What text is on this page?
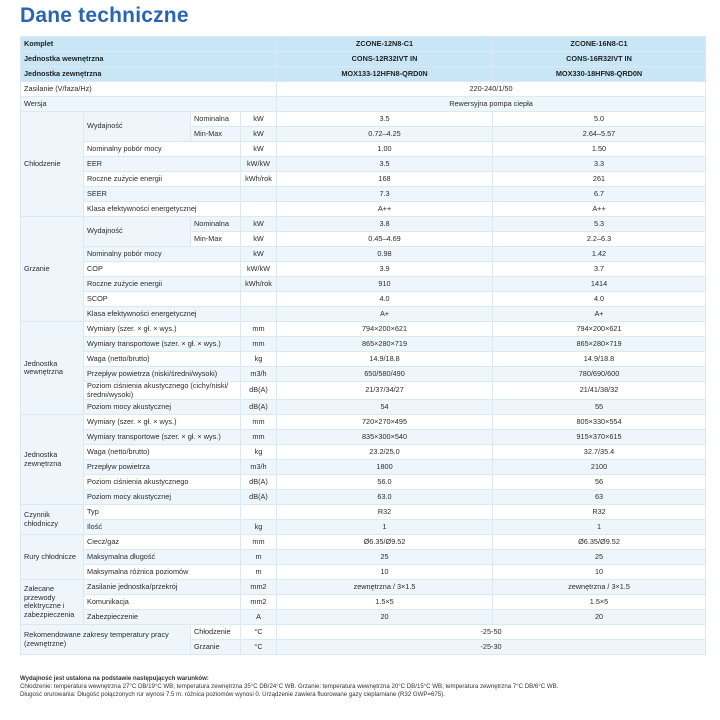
Dane techniczne
Komplet				ZCONE-12N8-C1	ZCONE-16N8-C1
Jednostka wewnętrzna				CONS-12R32IVT IN	CONS-16R32IVT IN
Jednostka zewnętrzna				MOX133-12HFN8-QRD0N	MOX330-18HFN8-QRD0N
Zasilanie (V/faza/Hz)				220-240/1/50	
Wersja				Rewersyjna pompa ciepła	
Chłodzenie	Wydajność	Nominalna	kW	3.5	5.0
		Min-Max	kW	0.72–4.25	2.64–5.57
	Nominalny pobór mocy		kW	1.00	1.50
	EER		kW/kW	3.5	3.3
	Roczne zużycie energii		kWh/rok	168	261
	SEER			7.3	6.7
	Klasa efektywności energetycznej			A++	A++
Grzanie	Wydajność	Nominalna	kW	3.8	5.3
		Min-Max	kW	0.45–4.69	2.2–6.3
	Nominalny pobór mocy		kW	0.98	1.42
	COP		kW/kW	3.9	3.7
	Roczne zużycie energii		kWh/rok	910	1414
	SCOP			4.0	4.0
	Klasa efektywności energetycznej			A+	A+
Jednostka wewnętrzna	Wymiary (szer. × gł. × wys.)		mm	794×200×621	794×200×621
	Wymiary transportowe (szer. × gł. × wys.)		mm	865×280×719	865×280×719
	Waga (netto/brutto)		kg	14.9/18.8	14.9/18.8
	Przepływ powietrza (niski/średni/wysoki)		m3/h	650/580/490	780/690/600
	Poziom ciśnienia akustycznego (cichy/niski/średni/wysoki)		dB(A)	21/37/34/27	21/41/38/32
	Poziom mocy akustycznej		dB(A)	54	55
Jednostka zewnętrzna	Wymiary (szer. × gł. × wys.)		mm	720×270×495	805×330×554
	Wymiary transportowe (szer. × gł. × wys.)		mm	835×300×540	915×370×615
	Waga (netto/brutto)		kg	23.2/25.0	32.7/35.4
	Przepływ powietrza		m3/h	1800	2100
	Poziom ciśnienia akustycznego		dB(A)	56.0	56
	Poziom mocy akustycznej		dB(A)	63.0	63
Czynnik chłodniczy	Typ			R32	R32
	Ilość		kg	1	1
Rury chłodnicze	Ciecz/gaz		mm	Ø6.35/Ø9.52	Ø6.35/Ø9.52
	Maksymalna długość		m	25	25
	Maksymalna różnica poziomów		m	10	10
Zalecane przewody elektryczne i zabezpieczenia	Zasilanie jednostka/przekrój		mm2	zewnętrzna / 3×1.5	zewnętrzna / 3×1.5
	Komunikacja		mm2	1.5×5	1.5×5
	Zabezpieczenie		A	20	20
Rekomendowane zakresy temperatury pracy (zewnętrzne)		Chłodzenie	°C	-25-50	
		Grzanie	°C	-25-30	
Wydajność jest ustalona na podstawie następujących warunków:
Chłodzenie: temperatura wewnętrzna 27°C DB/19°C WB; temperatura zewnętrzna 35°C DB/24°C WB. Grzanie: temperatura wewnętrzna 20°C DB/15°C WB; temperatura zewnętrzna 7°C DB/6°C WB.
Długość orurowania: Długość połączonych rur wynosi 7.5 m. różnica poziomów wynosi 0. Urządzenie zawiera fluorowane gazy cieplarniane (R32 GWP=675).
